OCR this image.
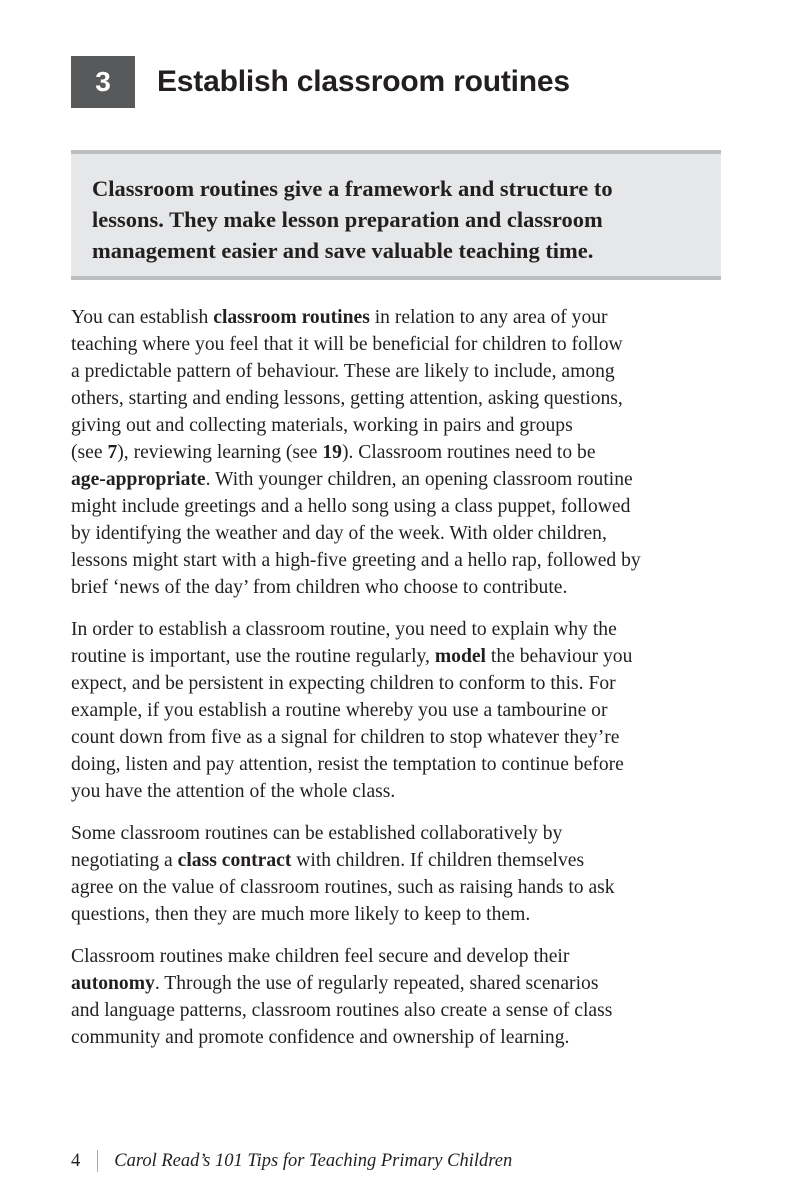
3	Establish classroom routines

Classroom routines give a framework and structure to
lessons. They make lesson preparation and classroom
management easier and save valuable teaching time.

You can establish classroom routines in relation to any area of your
teaching where you feel that it will be beneficial for children to follow
a predictable pattern of behaviour. These are likely to include, among
others, starting and ending lessons, getting attention, asking questions,
giving out and collecting materials, working in pairs and groups
(see 7), reviewing learning (see 19). Classroom routines need to be
age-appropriate. With younger children, an opening classroom routine
might include greetings and a hello song using a class puppet, followed
by identifying the weather and day of the week. With older children,
lessons might start with a high-five greeting and a hello rap, followed by
brief ‘news of the day’ from children who choose to contribute.

In order to establish a classroom routine, you need to explain why the
routine is important, use the routine regularly, model the behaviour you
expect, and be persistent in expecting children to conform to this. For
example, if you establish a routine whereby you use a tambourine or
count down from five as a signal for children to stop whatever they’re
doing, listen and pay attention, resist the temptation to continue before
you have the attention of the whole class.

Some classroom routines can be established collaboratively by
negotiating a class contract with children. If children themselves
agree on the value of classroom routines, such as raising hands to ask
questions, then they are much more likely to keep to them.

Classroom routines make children feel secure and develop their
autonomy. Through the use of regularly repeated, shared scenarios
and language patterns, classroom routines also create a sense of class
community and promote confidence and ownership of learning.

4 Carol Read’s 101 Tips for Teaching Primary Children
